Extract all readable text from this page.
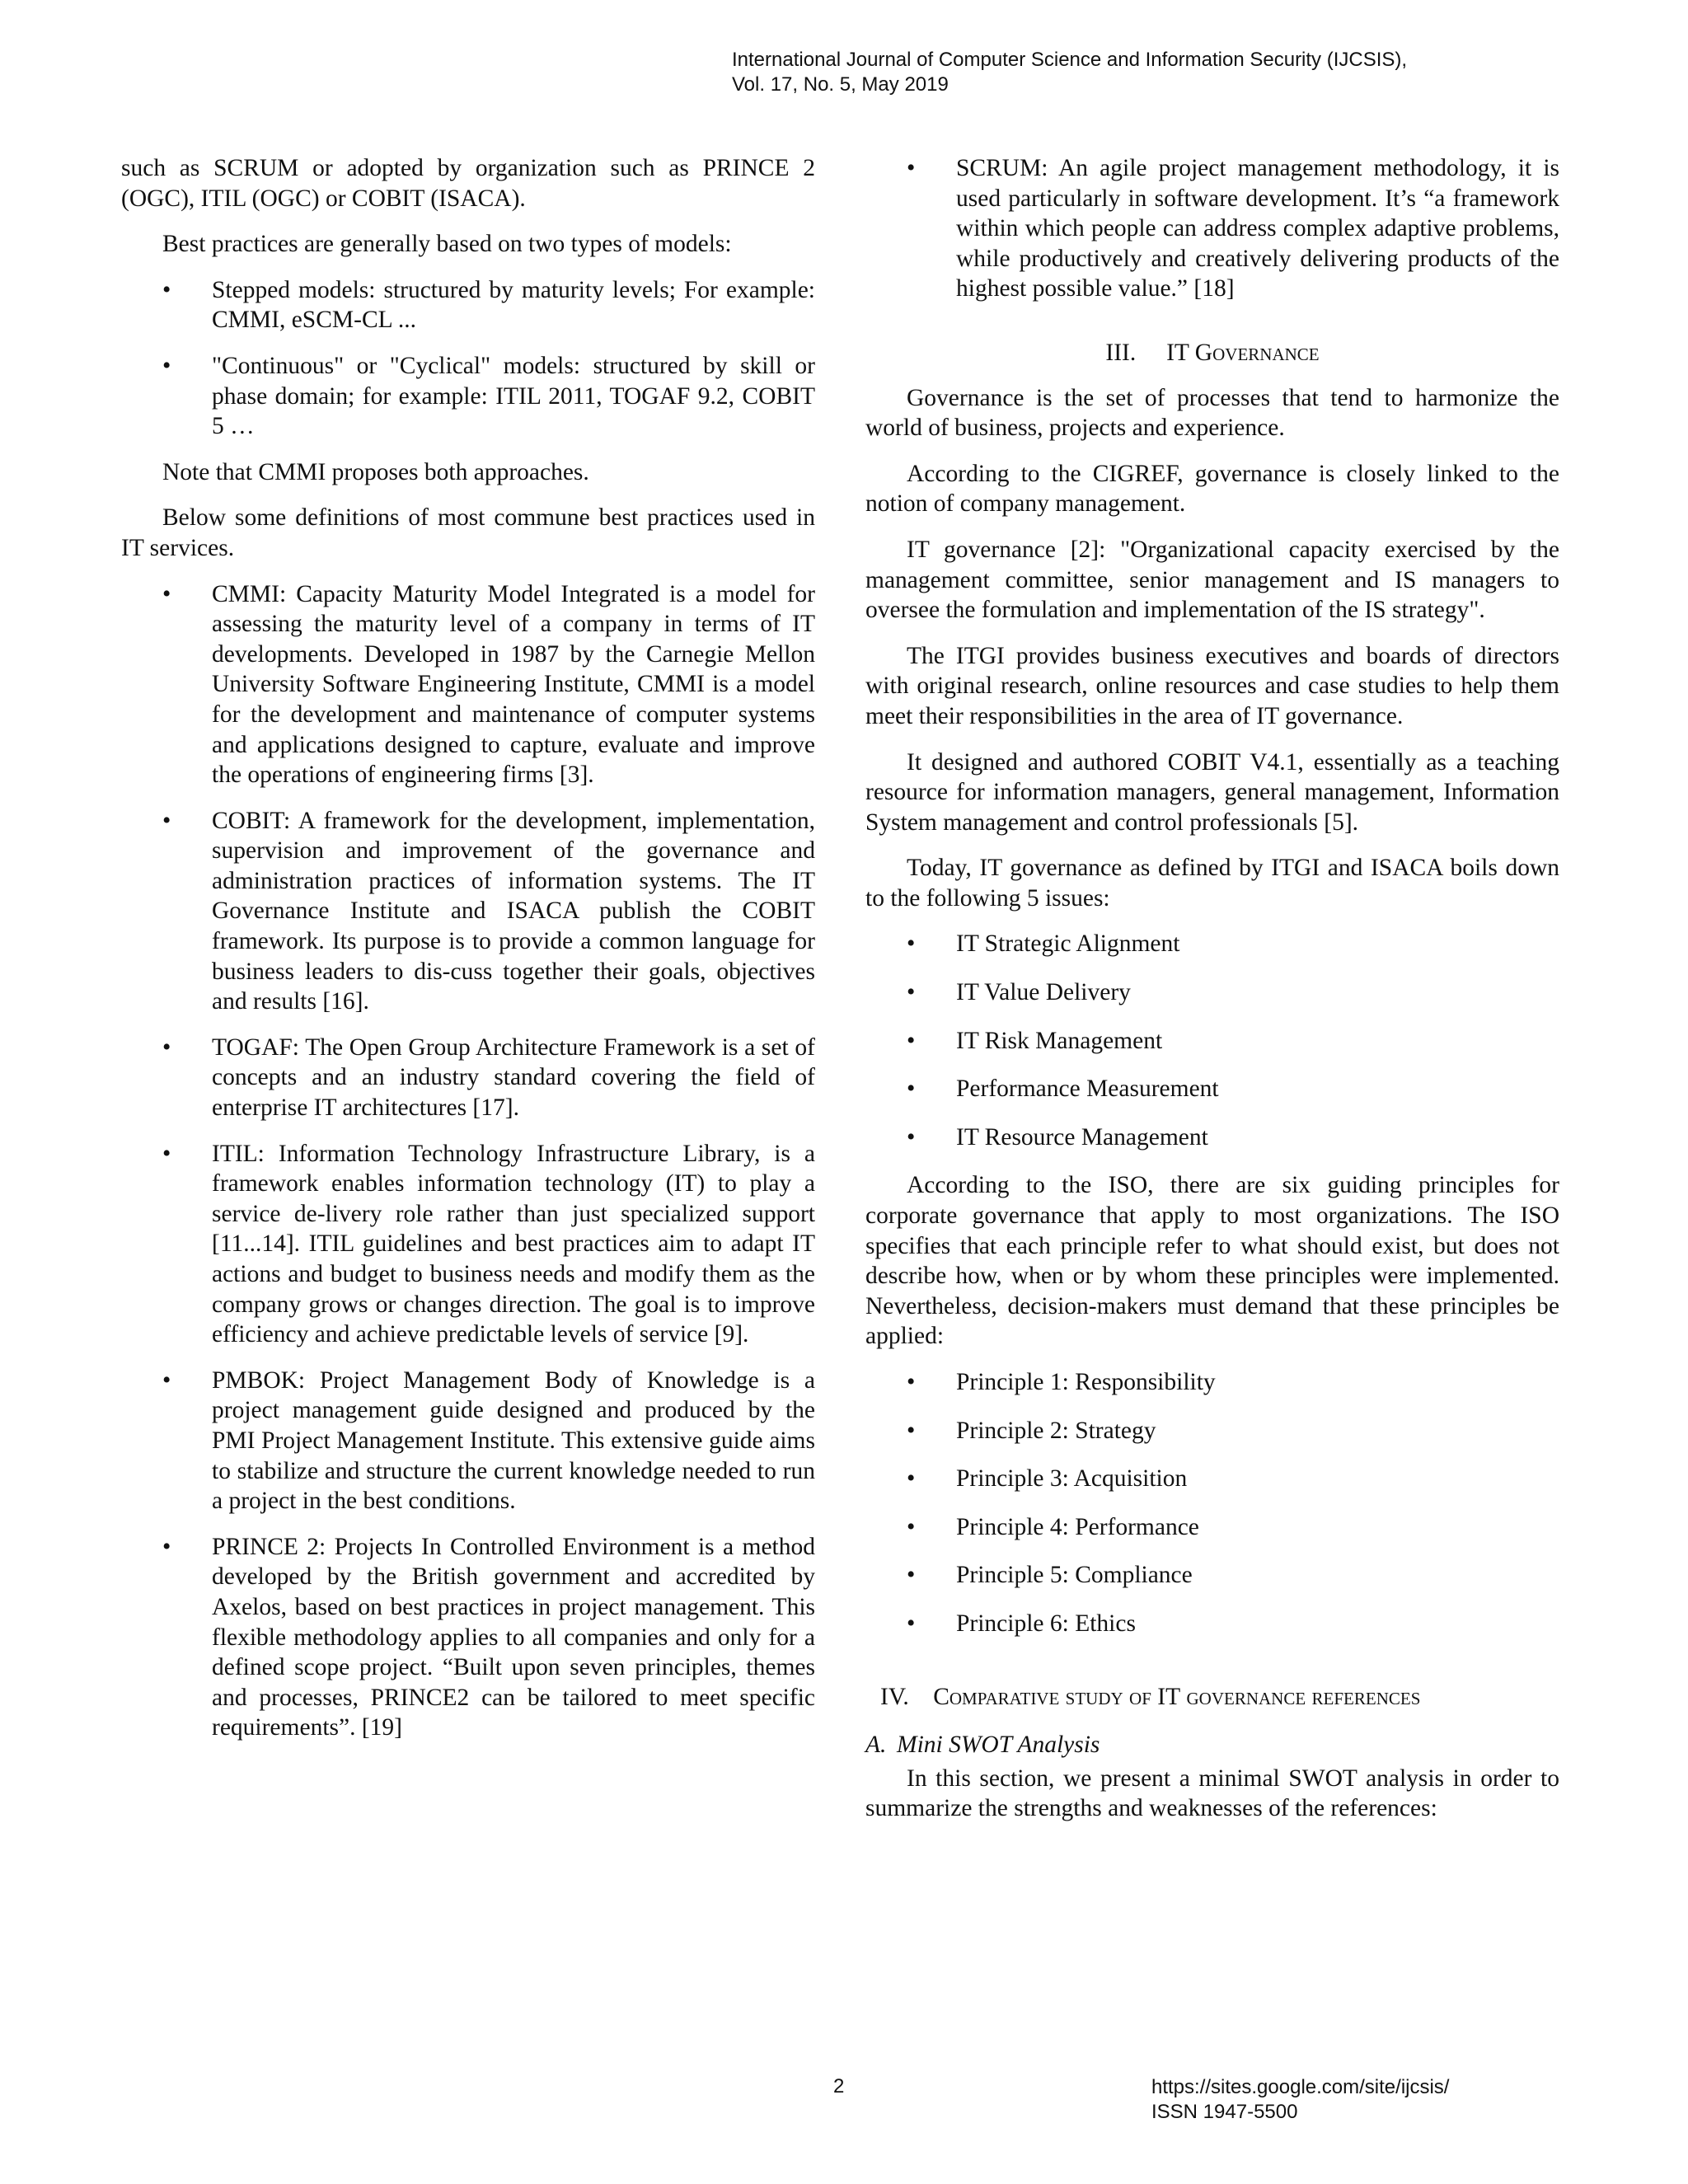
International Journal of Computer Science and Information Security (IJCSIS),
Vol. 17, No. 5, May 2019

such as SCRUM or adopted by organization such as PRINCE 2 (OGC), ITIL (OGC) or COBIT (ISACA).

Best practices are generally based on two types of models:

• Stepped models: structured by maturity levels; For example: CMMI, eSCM-CL ...
• "Continuous" or "Cyclical" models: structured by skill or phase domain; for example: ITIL 2011, TOGAF 9.2, COBIT 5 …

Note that CMMI proposes both approaches.

Below some definitions of most commune best practices used in IT services.

• CMMI: Capacity Maturity Model Integrated is a model for assessing the maturity level of a company in terms of IT developments. Developed in 1987 by the Carnegie Mellon University Software Engineering Institute, CMMI is a model for the development and maintenance of computer systems and applications designed to capture, evaluate and improve the operations of engineering firms [3].
• COBIT: A framework for the development, implementation, supervision and improvement of the governance and administration practices of information systems. The IT Governance Institute and ISACA publish the COBIT framework. Its purpose is to provide a common language for business leaders to dis-cuss together their goals, objectives and results [16].
• TOGAF: The Open Group Architecture Framework is a set of concepts and an industry standard covering the field of enterprise IT architectures [17].
• ITIL: Information Technology Infrastructure Library, is a framework enables information technology (IT) to play a service de-livery role rather than just specialized support [11...14]. ITIL guidelines and best practices aim to adapt IT actions and budget to business needs and modify them as the company grows or changes direction. The goal is to improve efficiency and achieve predictable levels of service [9].
• PMBOK: Project Management Body of Knowledge is a project management guide designed and produced by the PMI Project Management Institute. This extensive guide aims to stabilize and structure the current knowledge needed to run a project in the best conditions.
• PRINCE 2: Projects In Controlled Environment is a method developed by the British government and accredited by Axelos, based on best practices in project management. This flexible methodology applies to all companies and only for a defined scope project. “Built upon seven principles, themes and processes, PRINCE2 can be tailored to meet specific requirements”. [19]
• SCRUM: An agile project management methodology, it is used particularly in software development. It’s “a framework within which people can address complex adaptive problems, while productively and creatively delivering products of the highest possible value.” [18]
III. IT Governance

Governance is the set of processes that tend to harmonize the world of business, projects and experience.

According to the CIGREF, governance is closely linked to the notion of company management.

IT governance [2]: "Organizational capacity exercised by the management committee, senior management and IS managers to oversee the formulation and implementation of the IS strategy".

The ITGI provides business executives and boards of directors with original research, online resources and case studies to help them meet their responsibilities in the area of IT governance.

It designed and authored COBIT V4.1, essentially as a teaching resource for information managers, general management, Information System management and control professionals [5].

Today, IT governance as defined by ITGI and ISACA boils down to the following 5 issues:

• IT Strategic Alignment
• IT Value Delivery
• IT Risk Management
• Performance Measurement
• IT Resource Management

According to the ISO, there are six guiding principles for corporate governance that apply to most organizations. The ISO specifies that each principle refer to what should exist, but does not describe how, when or by whom these principles were implemented. Nevertheless, decision-makers must demand that these principles be applied:

• Principle 1: Responsibility
• Principle 2: Strategy
• Principle 3: Acquisition
• Principle 4: Performance
• Principle 5: Compliance
• Principle 6: Ethics
IV. Comparative study of IT governance references
A. Mini SWOT Analysis

In this section, we present a minimal SWOT analysis in order to summarize the strengths and weaknesses of the references:

2	https://sites.google.com/site/ijcsis/
ISSN 1947-5500
